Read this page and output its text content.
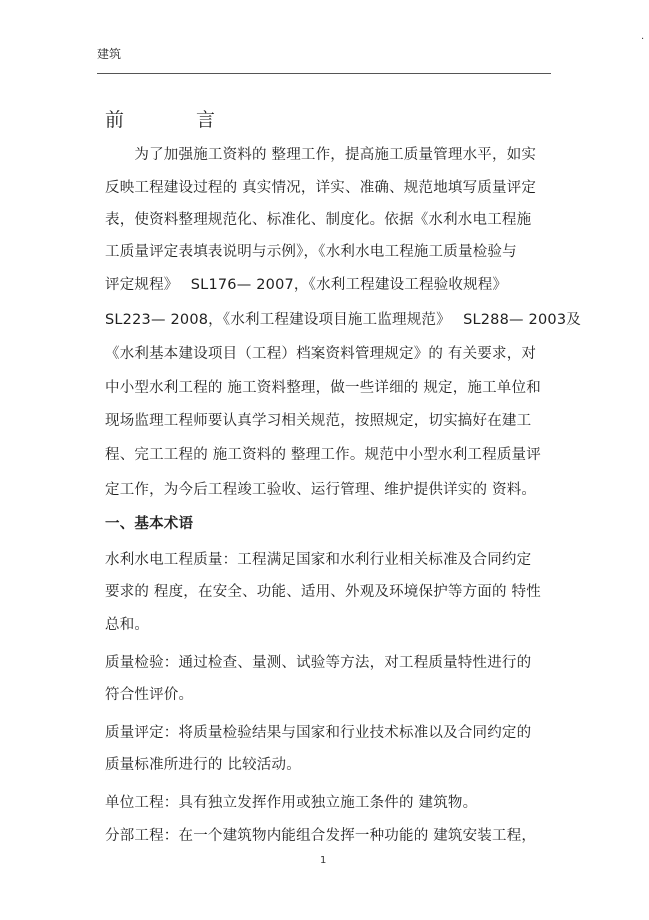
建筑
.
前	言
　　为了加强施工资料的 整理工作，提高施工质量管理水平，如实
反映工程建设过程的 真实情况，详实、准确、规范地填写质量评定
表，使资料整理规范化、标准化、制度化。依据《水利水电工程施
工质量评定表填表说明与示例》，《水利水电工程施工质量检验与
评定规程》　 SL176— 2007，《水利工程建设工程验收规程》
SL223— 2008，《水利工程建设项目施工监理规范》　 SL288— 2003及
《水利基本建设项目（工程）档案资料管理规定》的 有关要求，对
中小型水利工程的 施工资料整理，做一些详细的 规定，施工单位和
现场监理工程师要认真学习相关规范，按照规定，切实搞好在建工
程、完工工程的 施工资料的 整理工作。规范中小型水利工程质量评
定工作，为今后工程竣工验收、运行管理、维护提供详实的 资料。
一、基本术语
水利水电工程质量：工程满足国家和水利行业相关标准及合同约定
要求的 程度，在安全、功能、适用、外观及环境保护等方面的 特性
总和。
质量检验：通过检查、量测、试验等方法，对工程质量特性进行的
符合性评价。
质量评定：将质量检验结果与国家和行业技术标准以及合同约定的
质量标准所进行的 比较活动。
单位工程：具有独立发挥作用或独立施工条件的 建筑物。
分部工程：在一个建筑物内能组合发挥一种功能的 建筑安装工程，
1
